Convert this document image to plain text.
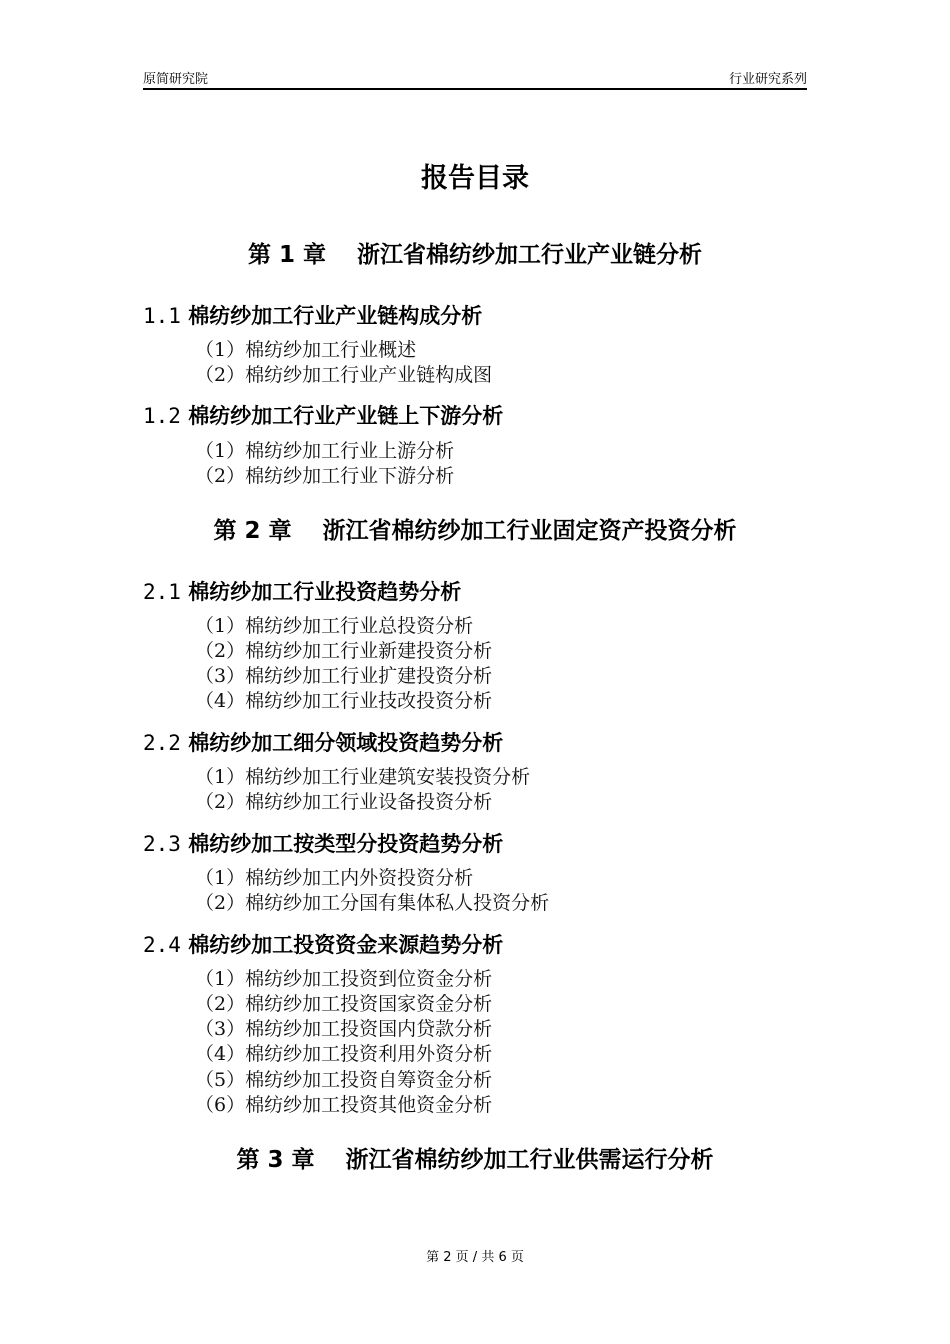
原简研究院	行业研究系列
报告目录
第 1 章　 浙江省棉纺纱加工行业产业链分析
1.1 棉纺纱加工行业产业链构成分析
（1）棉纺纱加工行业概述
（2）棉纺纱加工行业产业链构成图
1.2 棉纺纱加工行业产业链上下游分析
（1）棉纺纱加工行业上游分析
（2）棉纺纱加工行业下游分析
第 2 章　 浙江省棉纺纱加工行业固定资产投资分析
2.1 棉纺纱加工行业投资趋势分析
（1）棉纺纱加工行业总投资分析
（2）棉纺纱加工行业新建投资分析
（3）棉纺纱加工行业扩建投资分析
（4）棉纺纱加工行业技改投资分析
2.2 棉纺纱加工细分领域投资趋势分析
（1）棉纺纱加工行业建筑安装投资分析
（2）棉纺纱加工行业设备投资分析
2.3 棉纺纱加工按类型分投资趋势分析
（1）棉纺纱加工内外资投资分析
（2）棉纺纱加工分国有集体私人投资分析
2.4 棉纺纱加工投资资金来源趋势分析
（1）棉纺纱加工投资到位资金分析
（2）棉纺纱加工投资国家资金分析
（3）棉纺纱加工投资国内贷款分析
（4）棉纺纱加工投资利用外资分析
（5）棉纺纱加工投资自筹资金分析
（6）棉纺纱加工投资其他资金分析
第 3 章　 浙江省棉纺纱加工行业供需运行分析
第 2 页 / 共 6 页
